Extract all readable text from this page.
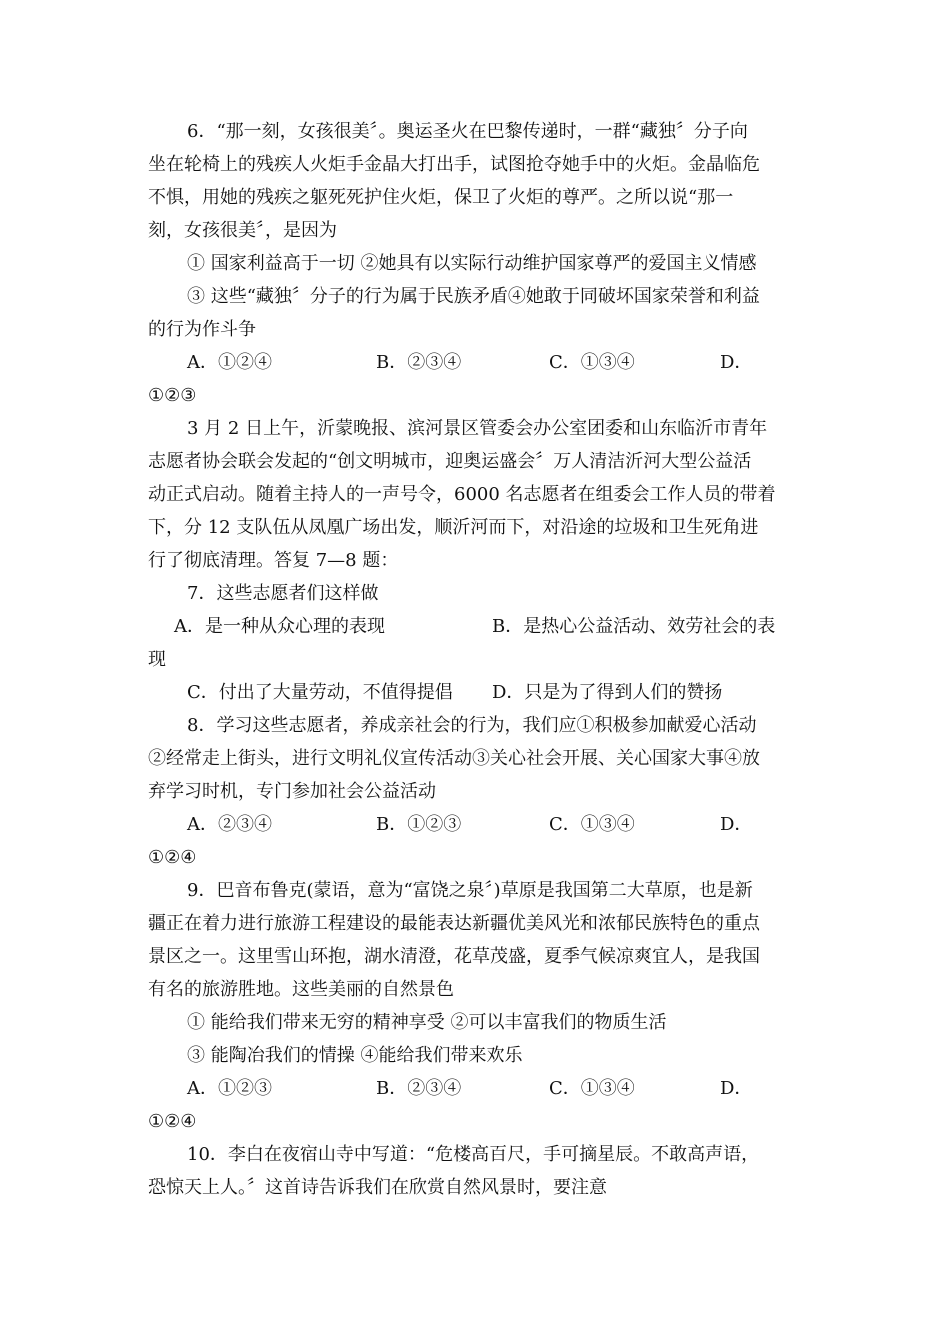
6．“那一刻，女孩很美〞。奥运圣火在巴黎传递时，一群“藏独〞分子向
坐在轮椅上的残疾人火炬手金晶大打出手，试图抢夺她手中的火炬。金晶临危
不惧，用她的残疾之躯死死护住火炬，保卫了火炬的尊严。之所以说“那一
刻，女孩很美〞，是因为
① 国家利益高于一切 ②她具有以实际行动维护国家尊严的爱国主义情感
③ 这些“藏独〞分子的行为属于民族矛盾④她敢于同破坏国家荣誉和利益
的行为作斗争
A．①②④	B．②③④	C．①③④	D．
①②③
3 月 2 日上午，沂蒙晚报、滨河景区管委会办公室团委和山东临沂市青年
志愿者协会联会发起的“创文明城市，迎奥运盛会〞万人清洁沂河大型公益活
动正式启动。随着主持人的一声号令，6000 名志愿者在组委会工作人员的带着
下，分 12 支队伍从凤凰广场出发，顺沂河而下，对沿途的垃圾和卫生死角进
行了彻底清理。答复 7—8 题：
7．这些志愿者们这样做
A．是一种从众心理的表现	B．是热心公益活动、效劳社会的表
现
C．付出了大量劳动，不值得提倡 D．只是为了得到人们的赞扬
8．学习这些志愿者，养成亲社会的行为，我们应①积极参加献爱心活动
②经常走上街头，进行文明礼仪宣传活动③关心社会开展、关心国家大事④放
弃学习时机，专门参加社会公益活动
A．②③④	B．①②③	C．①③④	D．
①②④
9．巴音布鲁克(蒙语，意为“富饶之泉〞)草原是我国第二大草原，也是新
疆正在着力进行旅游工程建设的最能表达新疆优美风光和浓郁民族特色的重点
景区之一。这里雪山环抱，湖水清澄，花草茂盛，夏季气候凉爽宜人，是我国
有名的旅游胜地。这些美丽的自然景色
① 能给我们带来无穷的精神享受 ②可以丰富我们的物质生活
③ 能陶冶我们的情操 ④能给我们带来欢乐
A．①②③	B．②③④	C．①③④	D．
①②④
10．李白在夜宿山寺中写道：“危楼高百尺，手可摘星辰。不敢高声语，
恐惊天上人。〞这首诗告诉我们在欣赏自然风景时，要注意
